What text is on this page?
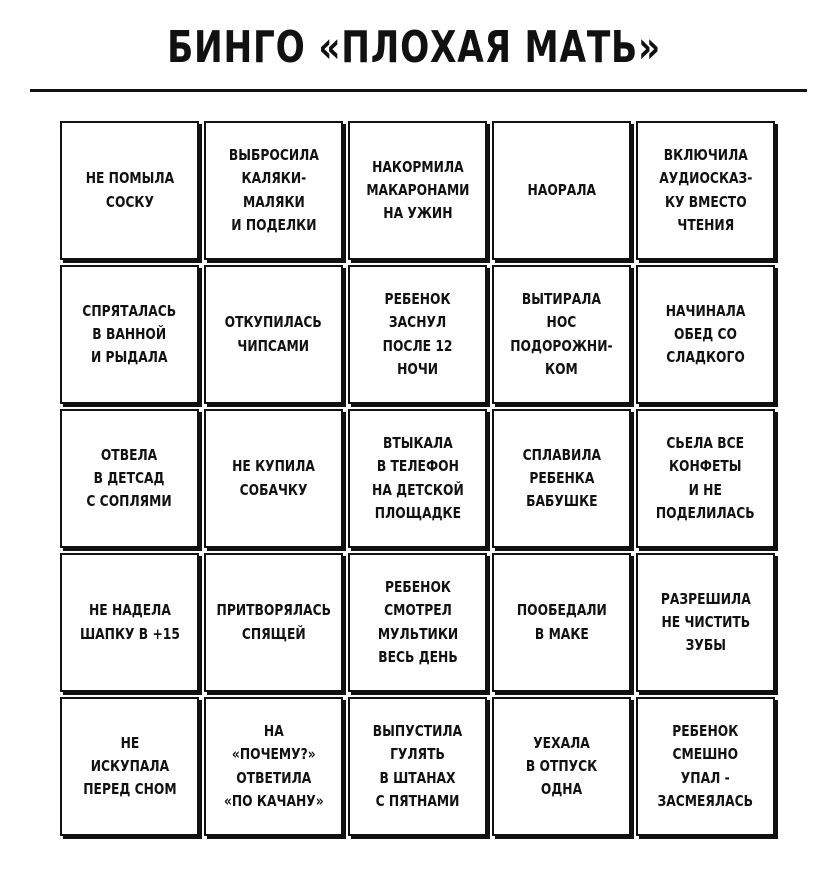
БИНГО «ПЛОХАЯ МАТЬ»
НЕ ПОМЫЛА
СОСКУ
ВЫБРОСИЛА
КАЛЯКИ-
МАЛЯКИ
И ПОДЕЛКИ
НАКОРМИЛА
МАКАРОНАМИ
НА УЖИН
НАОРАЛА
ВКЛЮЧИЛА
АУДИОСКАЗ-
КУ ВМЕСТО
ЧТЕНИЯ
СПРЯТАЛАСЬ
В ВАННОЙ
И РЫДАЛА
ОТКУПИЛАСЬ
ЧИПСАМИ
РЕБЕНОК
ЗАСНУЛ
ПОСЛЕ 12
НОЧИ
ВЫТИРАЛА
НОС
ПОДОРОЖНИ-
КОМ
НАЧИНАЛА
ОБЕД СО
СЛАДКОГО
ОТВЕЛА
В ДЕТСАД
С СОПЛЯМИ
НЕ КУПИЛА
СОБАЧКУ
ВТЫКАЛА
В ТЕЛЕФОН
НА ДЕТСКОЙ
ПЛОЩАДКЕ
СПЛАВИЛА
РЕБЕНКА
БАБУШКЕ
СЬЕЛА ВСЕ
КОНФЕТЫ
И НЕ
ПОДЕЛИЛАСЬ
НЕ НАДЕЛА
ШАПКУ В +15
ПРИТВОРЯЛАСЬ
СПЯЩЕЙ
РЕБЕНОК
СМОТРЕЛ
МУЛЬТИКИ
ВЕСЬ ДЕНЬ
ПООБЕДАЛИ
В МАКЕ
РАЗРЕШИЛА
НЕ ЧИСТИТЬ
ЗУБЫ
НЕ
ИСКУПАЛА
ПЕРЕД СНОМ
НА
«ПОЧЕМУ?»
ОТВЕТИЛА
«ПО КАЧАНУ»
ВЫПУСТИЛА
ГУЛЯТЬ
В ШТАНАХ
С ПЯТНАМИ
УЕХАЛА
В ОТПУСК
ОДНА
РЕБЕНОК
СМЕШНО
УПАЛ -
ЗАСМЕЯЛАСЬ
